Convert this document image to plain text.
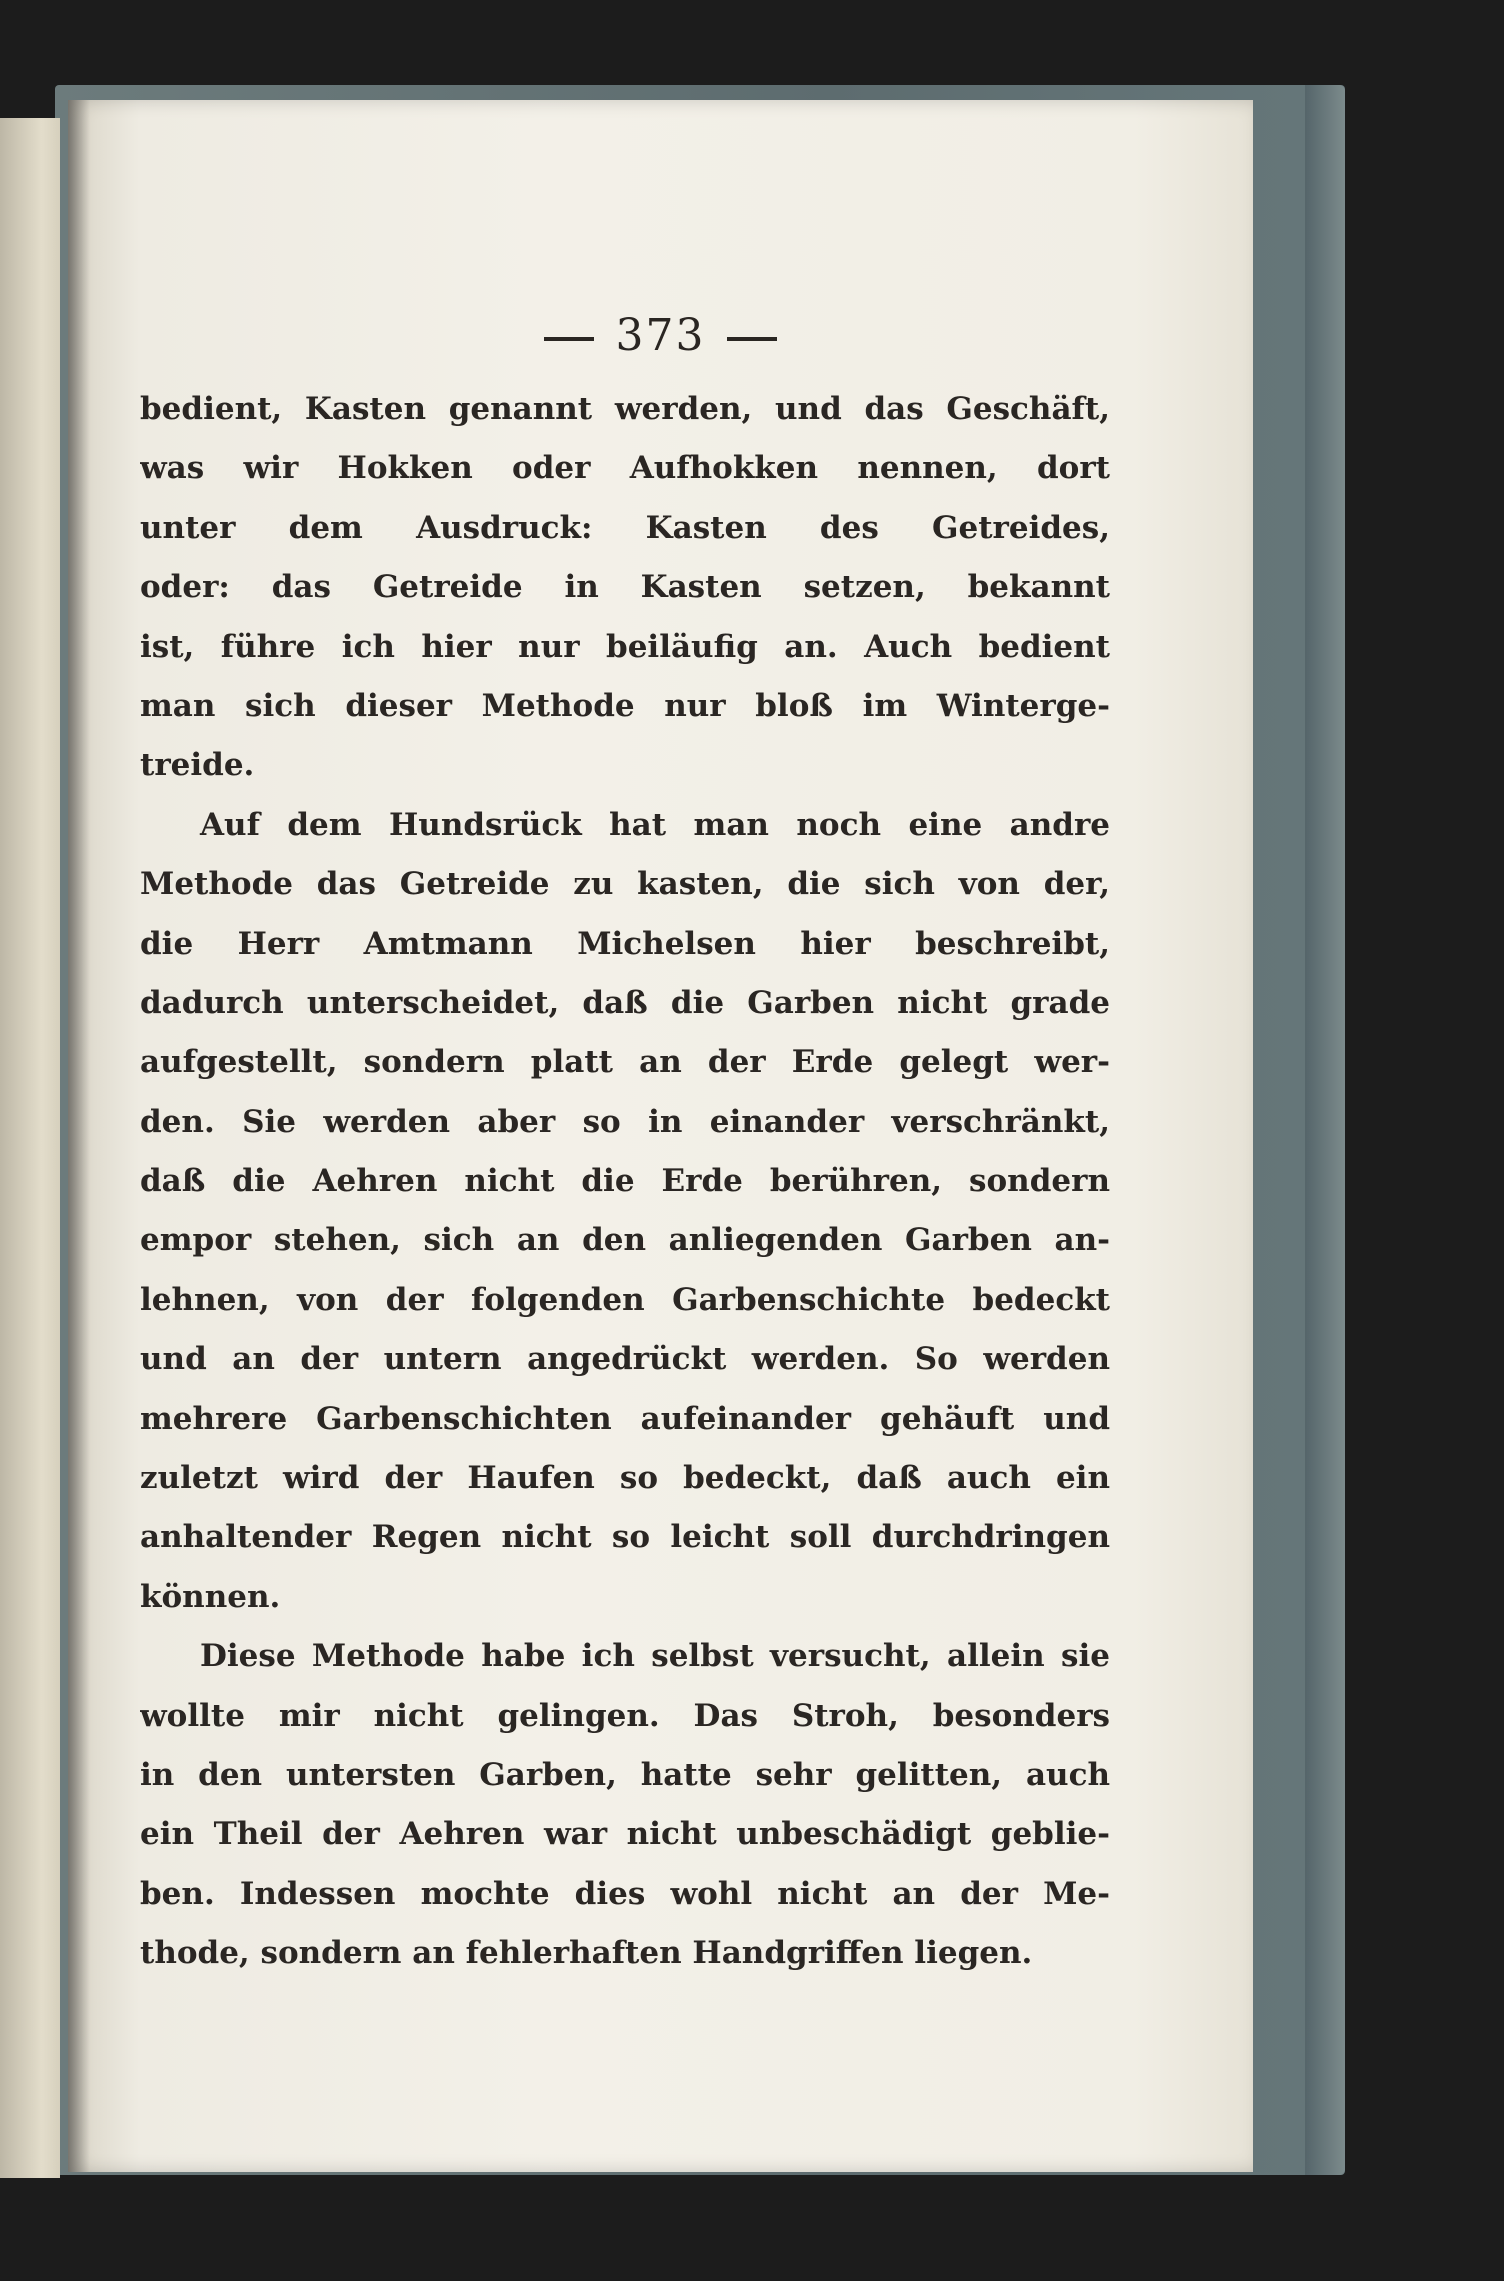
373
bedient, Kasten genannt werden, und das Geschäft,
was wir Hokken oder Aufhokken nennen, dort
unter dem Ausdruck: Kasten des Getreides,
oder: das Getreide in Kasten setzen, bekannt
ist, führe ich hier nur beiläufig an. Auch bedient
man sich dieser Methode nur bloß im Winterge-
treide.
Auf dem Hundsrück hat man noch eine andre
Methode das Getreide zu kasten, die sich von der,
die Herr Amtmann Michelsen hier beschreibt,
dadurch unterscheidet, daß die Garben nicht grade
aufgestellt, sondern platt an der Erde gelegt wer-
den. Sie werden aber so in einander verschränkt,
daß die Aehren nicht die Erde berühren, sondern
empor stehen, sich an den anliegenden Garben an-
lehnen, von der folgenden Garbenschichte bedeckt
und an der untern angedrückt werden. So werden
mehrere Garbenschichten aufeinander gehäuft und
zuletzt wird der Haufen so bedeckt, daß auch ein
anhaltender Regen nicht so leicht soll durchdringen
können.
Diese Methode habe ich selbst versucht, allein sie
wollte mir nicht gelingen. Das Stroh, besonders
in den untersten Garben, hatte sehr gelitten, auch
ein Theil der Aehren war nicht unbeschädigt geblie-
ben. Indessen mochte dies wohl nicht an der Me-
thode, sondern an fehlerhaften Handgriffen liegen.
